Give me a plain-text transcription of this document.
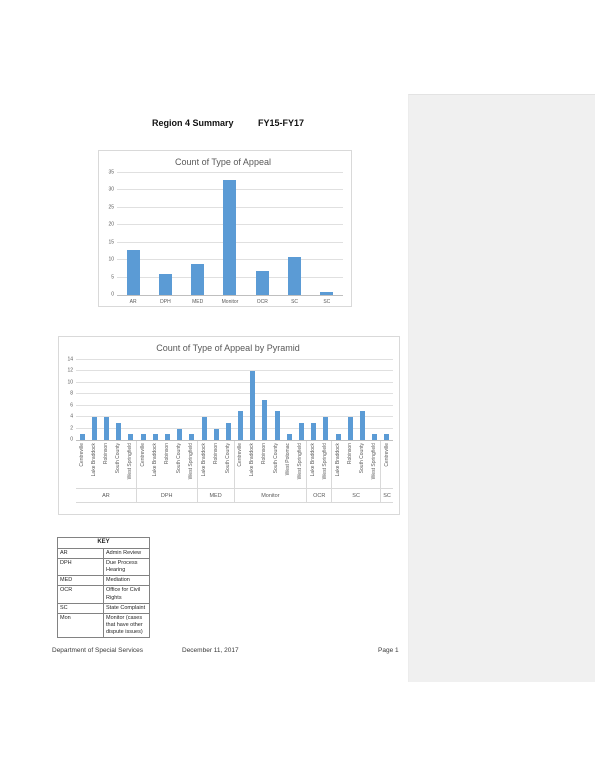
Region 4 Summary	FY15-FY17
Count of Type of Appeal
0
5
10
15
20
25
30
35
AR	DPH	MED	Monitor	OCR	SC	SC
Count of Type of Appeal by Pyramid
0
2
4
6
8
10
12
14
Centreville Lake Braddock Robinson South County West Springfield Centreville Lake Braddock Robinson South County West Springfield Lake Braddock Robinson South County Centreville Lake Braddock Robinson South County West Potomac West Springfield Lake Braddock West Springfield Lake Braddock Robinson South County West Springfield Centreville
AR	DPH	MED	Monitor	OCR	SC	SC
KEY	
AR	Admin Review
DPH	Due Process Hearing
MED	Mediation
OCR	Office for Civil Rights
SC	State Complaint
Mon	Monitor (cases that have other dispute issues)
Department of Special Services	December 11, 2017	Page 1
